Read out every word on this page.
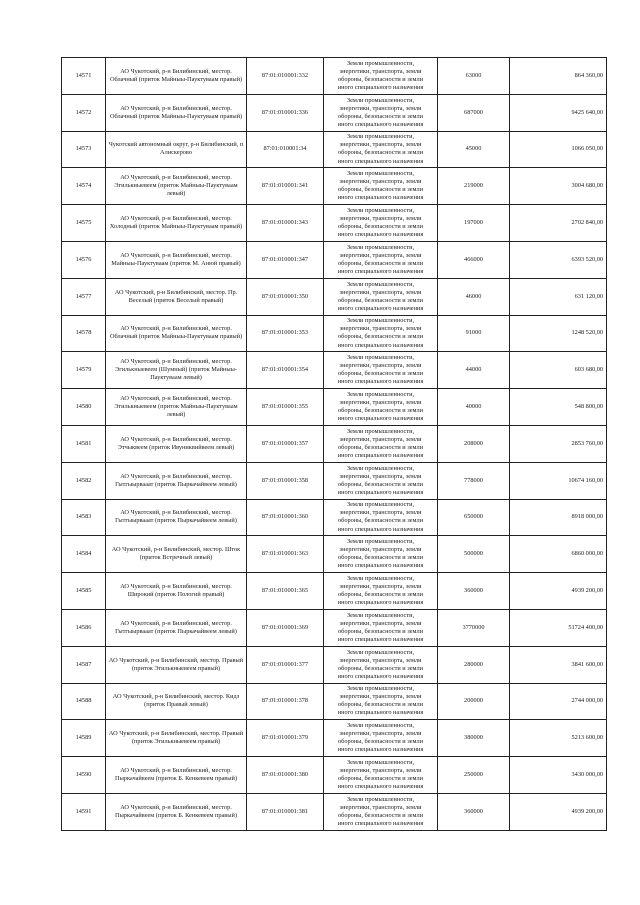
14571	АО Чукотский, р-н Билибинский, местор. Облачный (приток Майныы-Пауктуваам правый)	87:01:010001:332	Земли промышленности,
энергетики, транспорта, земли
обороны, безопасности и земли
иного специального назначения	63000	864 360,00
14572	АО Чукотский, р-н Билибинский, местор. Облачный (приток Майныы-Пауктуваам правый)	87:01:010001:336	Земли промышленности,
энергетики, транспорта, земли
обороны, безопасности и земли
иного специального назначения	687000	9425 640,00
14573	Чукотский автономный округ, р-н Билибинский, п Алискерово	87:01:010001:34	Земли промышленности,
энергетики, транспорта, земли
обороны, безопасности и земли
иного специального назначения	45000	1066 050,00
14574	АО Чукотский, р-н Билибинский, местор. Эгилькныевеем (приток Майныы-Пауктуваам левый)	87:01:010001:341	Земли промышленности,
энергетики, транспорта, земли
обороны, безопасности и земли
иного специального назначения	219000	3004 680,00
14575	АО Чукотский, р-н Билибинский, местор. Холодный (приток Майныы-Пауктуваам правый)	87:01:010001:343	Земли промышленности,
энергетики, транспорта, земли
обороны, безопасности и земли
иного специального назначения	197000	2702 840,00
14576	АО Чукотский, р-н Билибинский, местор. Майныы-Пауктуваам (приток М. Анюй правый)	87:01:010001:347	Земли промышленности,
энергетики, транспорта, земли
обороны, безопасности и земли
иного специального назначения	466000	6393 520,00
14577	АО Чукотский, р-н Билибинский, местор. Пр. Веселый (приток Веселый правый)	87:01:010001:350	Земли промышленности,
энергетики, транспорта, земли
обороны, безопасности и земли
иного специального назначения	46000	631 120,00
14578	АО Чукотский, р-н Билибинский, местор. Облачный (приток Майныы-Пауктуваам правый)	87:01:010001:353	Земли промышленности,
энергетики, транспорта, земли
обороны, безопасности и земли
иного специального назначения	91000	1248 520,00
14579	АО Чукотский, р-н Билибинский, местор. Эгилькныевеем (Шумный) (приток Майныы-Пауктуваам левый)	87:01:010001:354	Земли промышленности,
энергетики, транспорта, земли
обороны, безопасности и земли
иного специального назначения	44000	603 680,00
14580	АО Чукотский, р-н Билибинский, местор. Эгилькныевеем (приток Майныы-Пауктуваам левый)	87:01:010001:355	Земли промышленности,
энергетики, транспорта, земли
обороны, безопасности и земли
иного специального назначения	40000	548 800,00
14581	АО Чукотский, р-н Билибинский, местор. Этчыквеем (приток Ивуниквийвеем левый)	87:01:010001:357	Земли промышленности,
энергетики, транспорта, земли
обороны, безопасности и земли
иного специального назначения	208000	2853 760,00
14582	АО Чукотский, р-н Билибинский, местор. Гытгыырвааат (приток Пыркачайвеем левый)	87:01:010001:358	Земли промышленности,
энергетики, транспорта, земли
обороны, безопасности и земли
иного специального назначения	778000	10674 160,00
14583	АО Чукотский, р-н Билибинский, местор. Гытгыырвааат (приток Пыркачайвеем левый)	87:01:010001:360	Земли промышленности,
энергетики, транспорта, земли
обороны, безопасности и земли
иного специального назначения	650000	8918 000,00
14584	АО Чукотский, р-н Билибинский, местор. Шток (приток Встречный левый)	87:01:010001:363	Земли промышленности,
энергетики, транспорта, земли
обороны, безопасности и земли
иного специального назначения	500000	6860 000,00
14585	АО Чукотский, р-н Билибинский, местор. Широкий (приток Пологий правый)	87:01:010001:365	Земли промышленности,
энергетики, транспорта, земли
обороны, безопасности и земли
иного специального назначения	360000	4939 200,00
14586	АО Чукотский, р-н Билибинский, местор. Гытгыырвааат (приток Пыркачайвеем левый)	87:01:010001:369	Земли промышленности,
энергетики, транспорта, земли
обороны, безопасности и земли
иного специального назначения	3770000	51724 400,00
14587	АО Чукотский, р-н Билибинский, местор. Правый (приток Эгилькныевеем правый)	87:01:010001:377	Земли промышленности,
энергетики, транспорта, земли
обороны, безопасности и земли
иного специального назначения	280000	3841 600,00
14588	АО Чукотский, р-н Билибинский, местор. Кидз (приток Правый левый)	87:01:010001:378	Земли промышленности,
энергетики, транспорта, земли
обороны, безопасности и земли
иного специального назначения	200000	2744 000,00
14589	АО Чукотский, р-н Билибинский, местор. Правый (приток Эгилькныевеем правый)	87:01:010001:379	Земли промышленности,
энергетики, транспорта, земли
обороны, безопасности и земли
иного специального назначения	380000	5213 600,00
14590	АО Чукотский, р-н Билибинский, местор. Пыркачайвеем (приток Б. Кенкевеем правый)	87:01:010001:380	Земли промышленности,
энергетики, транспорта, земли
обороны, безопасности и земли
иного специального назначения	250000	3430 000,00
14591	АО Чукотский, р-н Билибинский, местор. Пыркачайвеем (приток Б. Кенкевеем правый)	87:01:010001:381	Земли промышленности,
энергетики, транспорта, земли
обороны, безопасности и земли
иного специального назначения	360000	4939 200,00
